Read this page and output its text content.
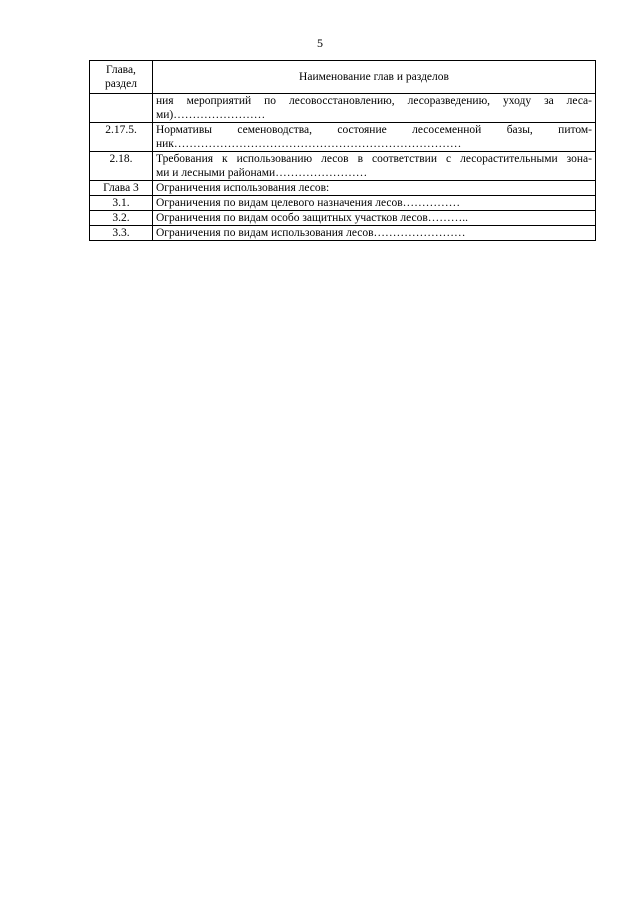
5
Глава, раздел	Наименование глав и разделов

	ния мероприятий по лесовосстановлению, лесоразведению, уходу за леса-
ми)……………………
2.17.5.	Нормативы семеноводства, состояние лесосеменной базы, питом-
ник…………………………………………………………………
2.18.	Требования к использованию лесов в соответствии с лесорастительными зона-
ми и лесными районами……………………
Глава 3	Ограничения использования лесов:
3.1.	Ограничения по видам целевого назначения лесов……………
3.2.	Ограничения по видам особо защитных участков лесов………..
3.3.	Ограничения по видам использования лесов……………………
